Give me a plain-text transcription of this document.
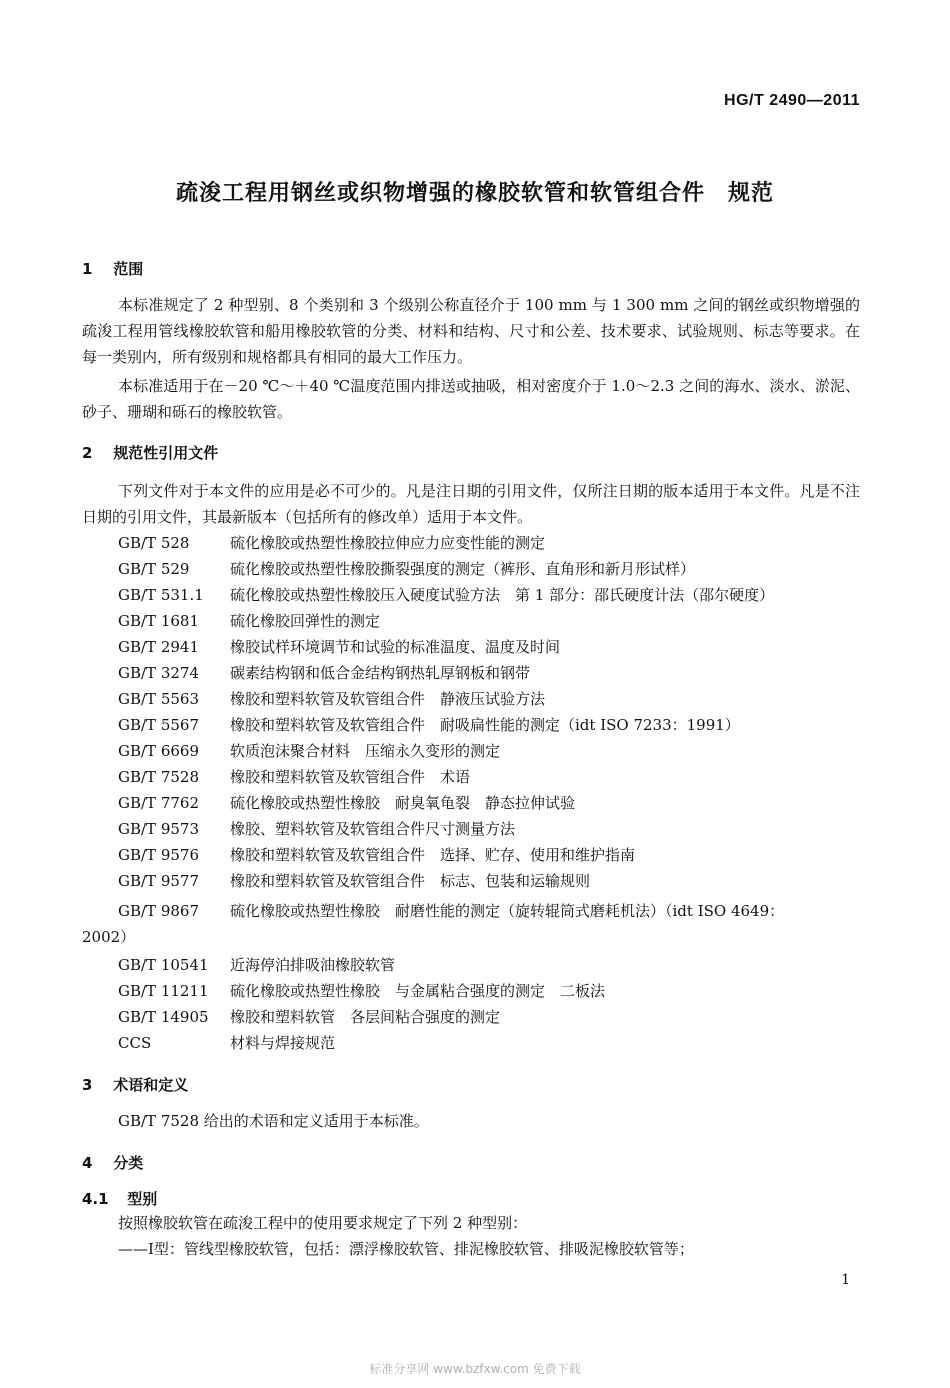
HG/T 2490—2011
疏浚工程用钢丝或织物增强的橡胶软管和软管组合件　规范
1 范围

本标准规定了 2 种型别、8 个类别和 3 个级别公称直径介于 100 mm 与 1 300 mm 之间的钢丝或织物增强的疏浚工程用管线橡胶软管和船用橡胶软管的分类、材料和结构、尺寸和公差、技术要求、试验规则、标志等要求。在每一类别内，所有级别和规格都具有相同的最大工作压力。

本标准适用于在－20 ℃～＋40 ℃温度范围内排送或抽吸，相对密度介于 1.0～2.3 之间的海水、淡水、淤泥、砂子、珊瑚和砾石的橡胶软管。

2 规范性引用文件

下列文件对于本文件的应用是必不可少的。凡是注日期的引用文件，仅所注日期的版本适用于本文件。凡是不注日期的引用文件，其最新版本（包括所有的修改单）适用于本文件。

GB/T 528	硫化橡胶或热塑性橡胶拉伸应力应变性能的测定
GB/T 529	硫化橡胶或热塑性橡胶撕裂强度的测定（裤形、直角形和新月形试样）
GB/T 531.1 硫化橡胶或热塑性橡胶压入硬度试验方法　第 1 部分：邵氏硬度计法（邵尔硬度）
GB/T 1681 硫化橡胶回弹性的测定
GB/T 2941 橡胶试样环境调节和试验的标准温度、温度及时间
GB/T 3274 碳素结构钢和低合金结构钢热轧厚钢板和钢带
GB/T 5563 橡胶和塑料软管及软管组合件　静液压试验方法
GB/T 5567 橡胶和塑料软管及软管组合件　耐吸扁性能的测定（idt ISO 7233：1991）
GB/T 6669 软质泡沫聚合材料　压缩永久变形的测定
GB/T 7528 橡胶和塑料软管及软管组合件　术语
GB/T 7762 硫化橡胶或热塑性橡胶　耐臭氧龟裂　静态拉伸试验
GB/T 9573 橡胶、塑料软管及软管组合件尺寸测量方法
GB/T 9576 橡胶和塑料软管及软管组合件　选择、贮存、使用和维护指南
GB/T 9577 橡胶和塑料软管及软管组合件　标志、包装和运输规则
GB/T 9867 硫化橡胶或热塑性橡胶　耐磨性能的测定（旋转辊筒式磨耗机法）（idt ISO 4649：
2002）
GB/T 10541 近海停泊排吸油橡胶软管
GB/T 11211 硫化橡胶或热塑性橡胶　与金属粘合强度的测定　二板法
GB/T 14905 橡胶和塑料软管　各层间粘合强度的测定
CCS	材料与焊接规范
3 术语和定义
GB/T 7528 给出的术语和定义适用于本标准。
4 分类
4.1 型别
按照橡胶软管在疏浚工程中的使用要求规定了下列 2 种型别：
——Ⅰ型：管线型橡胶软管，包括：漂浮橡胶软管、排泥橡胶软管、排吸泥橡胶软管等；
1
标准分享网 www.bzfxw.com 免费下载
